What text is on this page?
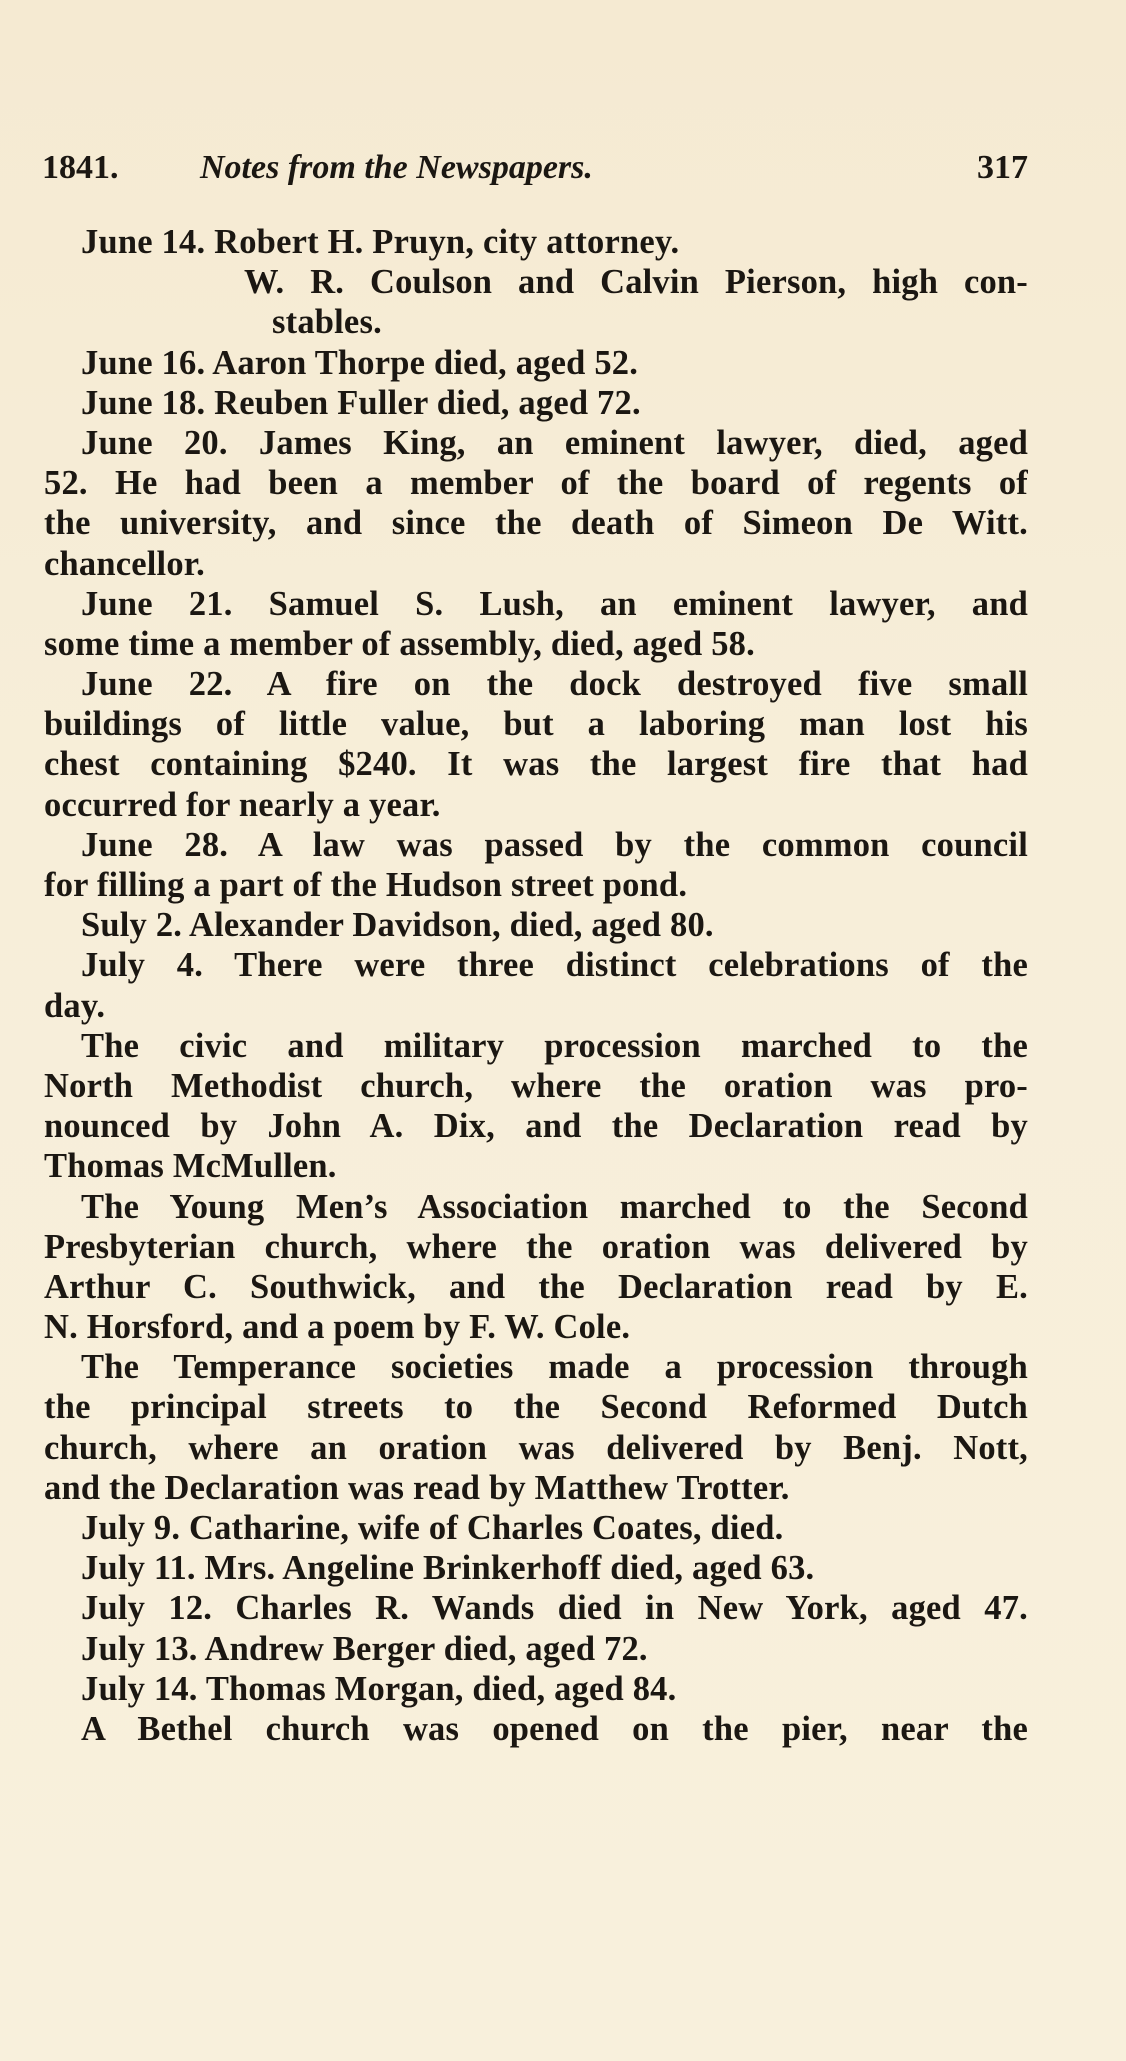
1841. Notes from the Newspapers.	317
June 14. Robert H. Pruyn, city attorney.
W. R. Coulson and Calvin Pierson, high con-
stables.
June 16. Aaron Thorpe died, aged 52.
June 18. Reuben Fuller died, aged 72.
June 20. James King, an eminent lawyer, died, aged
52. He had been a member of the board of regents of
the university, and since the death of Simeon De Witt.
chancellor.
June 21. Samuel S. Lush, an eminent lawyer, and
some time a member of assembly, died, aged 58.
June 22. A fire on the dock destroyed five small
buildings of little value, but a laboring man lost his
chest containing $240. It was the largest fire that had
occurred for nearly a year.
June 28. A law was passed by the common council
for filling a part of the Hudson street pond.
Suly 2. Alexander Davidson, died, aged 80.
July 4. There were three distinct celebrations of the
day.
The civic and military procession marched to the
North Methodist church, where the oration was pro-
nounced by John A. Dix, and the Declaration read by
Thomas McMullen.
The Young Men’s Association marched to the Second
Presbyterian church, where the oration was delivered by
Arthur C. Southwick, and the Declaration read by E.
N. Horsford, and a poem by F. W. Cole.
The Temperance societies made a procession through
the principal streets to the Second Reformed Dutch
church, where an oration was delivered by Benj. Nott,
and the Declaration was read by Matthew Trotter.
July 9. Catharine, wife of Charles Coates, died.
July 11. Mrs. Angeline Brinkerhoff died, aged 63.
July 12. Charles R. Wands died in New York, aged 47.
July 13. Andrew Berger died, aged 72.
July 14. Thomas Morgan, died, aged 84.
A Bethel church was opened on the pier, near the
